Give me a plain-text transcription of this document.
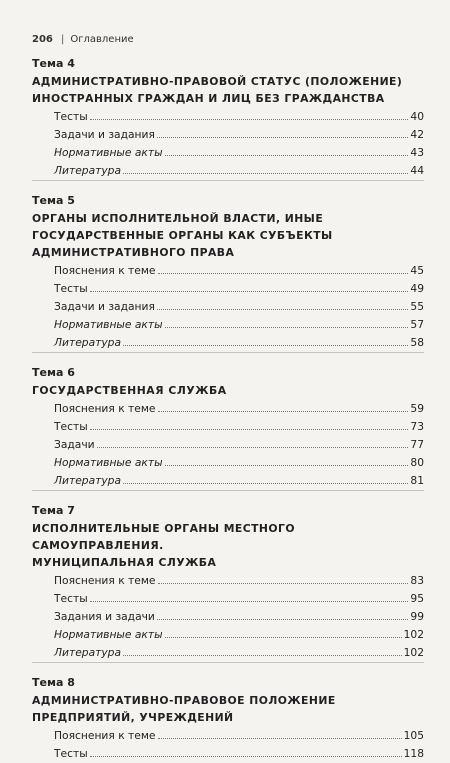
206 | Оглавление
Тема 4
АДМИНИСТРАТИВНО-ПРАВОВОЙ СТАТУС (ПОЛОЖЕНИЕ)
ИНОСТРАННЫХ ГРАЖДАН И ЛИЦ БЕЗ ГРАЖДАНСТВА
Тесты	40
Задачи и задания	42
Нормативные акты	43
Литература	44
Тема 5
ОРГАНЫ ИСПОЛНИТЕЛЬНОЙ ВЛАСТИ, ИНЫЕ
ГОСУДАРСТВЕННЫЕ ОРГАНЫ КАК СУБЪЕКТЫ
АДМИНИСТРАТИВНОГО ПРАВА
Пояснения к теме	45
Тесты	49
Задачи и задания	55
Нормативные акты	57
Литература	58
Тема 6
ГОСУДАРСТВЕННАЯ СЛУЖБА
Пояснения к теме	59
Тесты	73
Задачи	77
Нормативные акты	80
Литература	81
Тема 7
ИСПОЛНИТЕЛЬНЫЕ ОРГАНЫ МЕСТНОГО САМОУПРАВЛЕНИЯ.
МУНИЦИПАЛЬНАЯ СЛУЖБА
Пояснения к теме	83
Тесты	95
Задания и задачи	99
Нормативные акты	102
Литература	102
Тема 8
АДМИНИСТРАТИВНО-ПРАВОВОЕ ПОЛОЖЕНИЕ
ПРЕДПРИЯТИЙ, УЧРЕЖДЕНИЙ
Пояснения к теме	105
Тесты	118
